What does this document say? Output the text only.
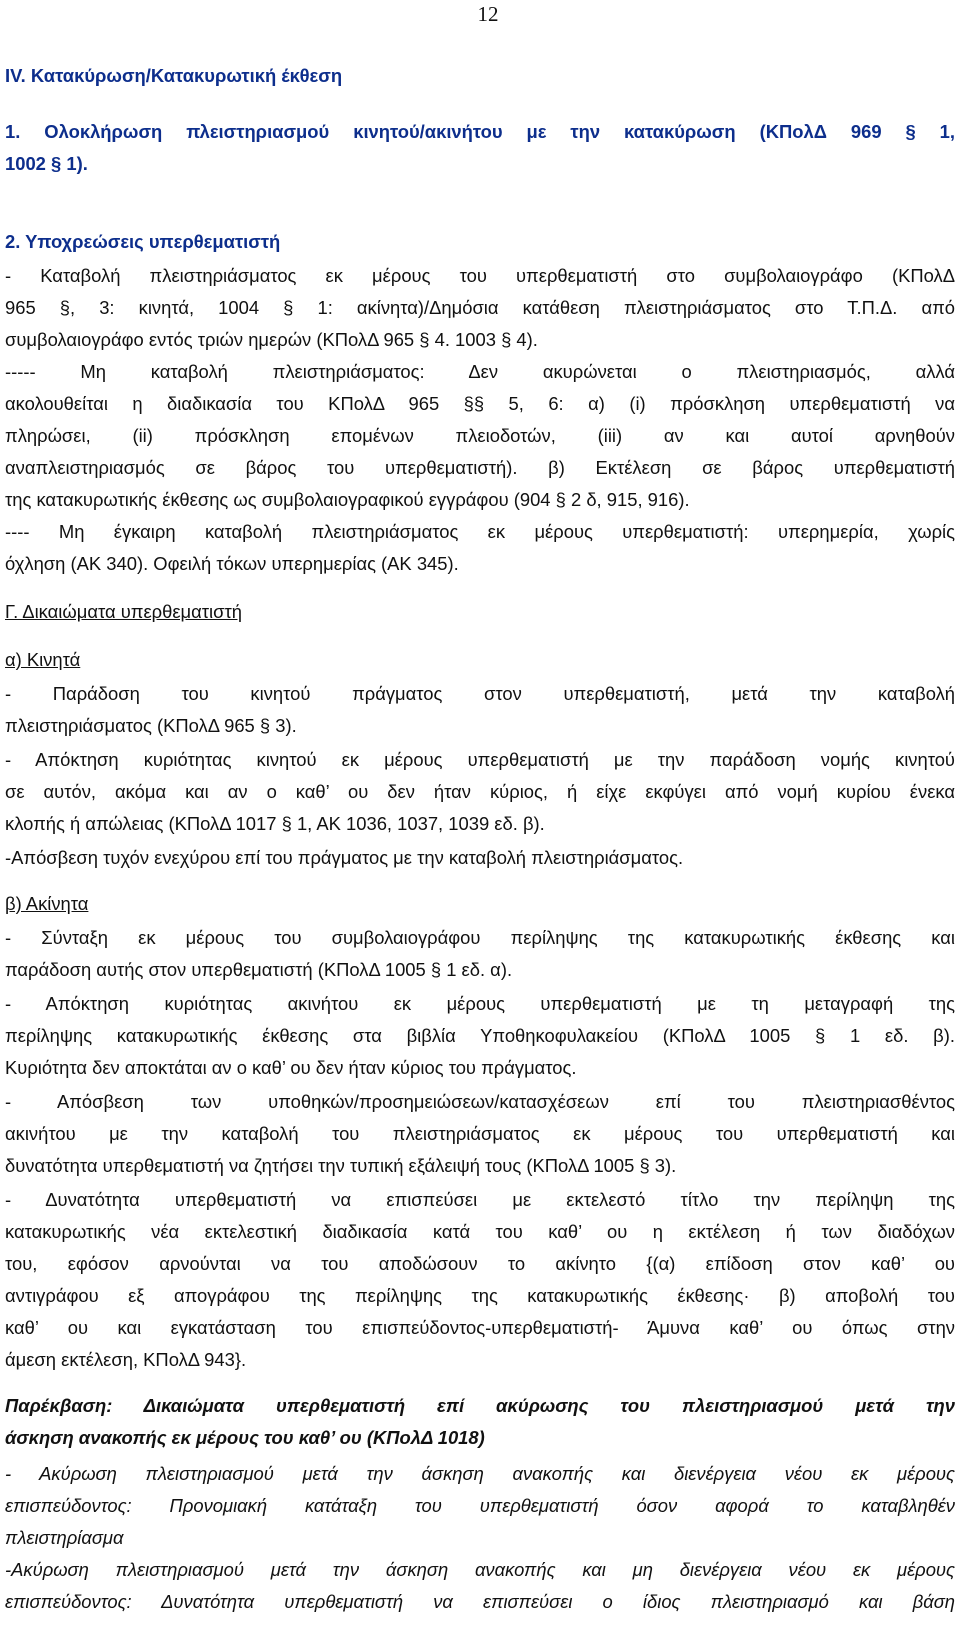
12
IV. Κατακύρωση/Κατακυρωτική έκθεση
1. Ολοκλήρωση πλειστηριασμού κινητού/ακινήτου με την κατακύρωση (ΚΠολΔ 969 § 1,
1002 § 1).
2. Υποχρεώσεις υπερθεματιστή
- Καταβολή πλειστηριάσματος εκ μέρους του υπερθεματιστή στο συμβολαιογράφο (ΚΠολΔ
965 §, 3: κινητά, 1004 § 1: ακίνητα)/Δημόσια κατάθεση πλειστηριάσματος στο Τ.Π.Δ. από
συμβολαιογράφο εντός τριών ημερών (ΚΠολΔ 965 § 4. 1003 § 4).
----- Μη καταβολή πλειστηριάσματος: Δεν ακυρώνεται ο πλειστηριασμός, αλλά
ακολουθείται η διαδικασία του ΚΠολΔ 965 §§ 5, 6: α) (i) πρόσκληση υπερθεματιστή να
πληρώσει, (ii) πρόσκληση επομένων πλειοδοτών, (iii) αν και αυτοί αρνηθούν
αναπλειστηριασμός σε βάρος του υπερθεματιστή). β) Εκτέλεση σε βάρος υπερθεματιστή
της κατακυρωτικής έκθεσης ως συμβολαιογραφικού εγγράφου (904 § 2 δ, 915, 916).
---- Μη έγκαιρη καταβολή πλειστηριάσματος εκ μέρους υπερθεματιστή: υπερημερία, χωρίς
όχληση (ΑΚ 340). Οφειλή τόκων υπερημερίας (ΑΚ 345).
Γ. Δικαιώματα υπερθεματιστή
α) Κινητά
- Παράδοση του κινητού πράγματος στον υπερθεματιστή, μετά την καταβολή
πλειστηριάσματος (ΚΠολΔ 965 § 3).
- Απόκτηση κυριότητας κινητού εκ μέρους υπερθεματιστή με την παράδοση νομής κινητού
σε αυτόν, ακόμα και αν ο καθ’ ου δεν ήταν κύριος, ή είχε εκφύγει από νομή κυρίου ένεκα
κλοπής ή απώλειας (ΚΠολΔ 1017 § 1, ΑΚ 1036, 1037, 1039 εδ. β).
-Απόσβεση τυχόν ενεχύρου επί του πράγματος με την καταβολή πλειστηριάσματος.
β) Ακίνητα
- Σύνταξη εκ μέρους του συμβολαιογράφου περίληψης της κατακυρωτικής έκθεσης και
παράδοση αυτής στον υπερθεματιστή (ΚΠολΔ 1005 § 1 εδ. α).
- Απόκτηση κυριότητας ακινήτου εκ μέρους υπερθεματιστή με τη μεταγραφή της
περίληψης κατακυρωτικής έκθεσης στα βιβλία Υποθηκοφυλακείου (ΚΠολΔ 1005 § 1 εδ. β).
Κυριότητα δεν αποκτάται αν ο καθ’ ου δεν ήταν κύριος του πράγματος.
- Απόσβεση των υποθηκών/προσημειώσεων/κατασχέσεων επί του πλειστηριασθέντος
ακινήτου με την καταβολή του πλειστηριάσματος εκ μέρους του υπερθεματιστή και
δυνατότητα υπερθεματιστή να ζητήσει την τυπική εξάλειψή τους (ΚΠολΔ 1005 § 3).
- Δυνατότητα υπερθεματιστή να επισπεύσει με εκτελεστό τίτλο την περίληψη της
κατακυρωτικής νέα εκτελεστική διαδικασία κατά του καθ’ ου η εκτέλεση ή των διαδόχων
του, εφόσον αρνούνται να του αποδώσουν το ακίνητο {(α) επίδοση στον καθ’ ου
αντιγράφου εξ απογράφου της περίληψης της κατακυρωτικής έκθεσης· β) αποβολή του
καθ’ ου και εγκατάσταση του επισπεύδοντος-υπερθεματιστή- Άμυνα καθ’ ου όπως στην
άμεση εκτέλεση, ΚΠολΔ 943}.
Παρέκβαση: Δικαιώματα υπερθεματιστή επί ακύρωσης του πλειστηριασμού μετά την
άσκηση ανακοπής εκ μέρους του καθ’ ου (ΚΠολΔ 1018)
- Ακύρωση πλειστηριασμού μετά την άσκηση ανακοπής και διενέργεια νέου εκ μέρους
επισπεύδοντος: Προνομιακή κατάταξη του υπερθεματιστή όσον αφορά το καταβληθέν
πλειστηρίασμα
-Ακύρωση πλειστηριασμού μετά την άσκηση ανακοπής και μη διενέργεια νέου εκ μέρους
επισπεύδοντος: Δυνατότητα υπερθεματιστή να επισπεύσει ο ίδιος πλειστηριασμό και βάση
